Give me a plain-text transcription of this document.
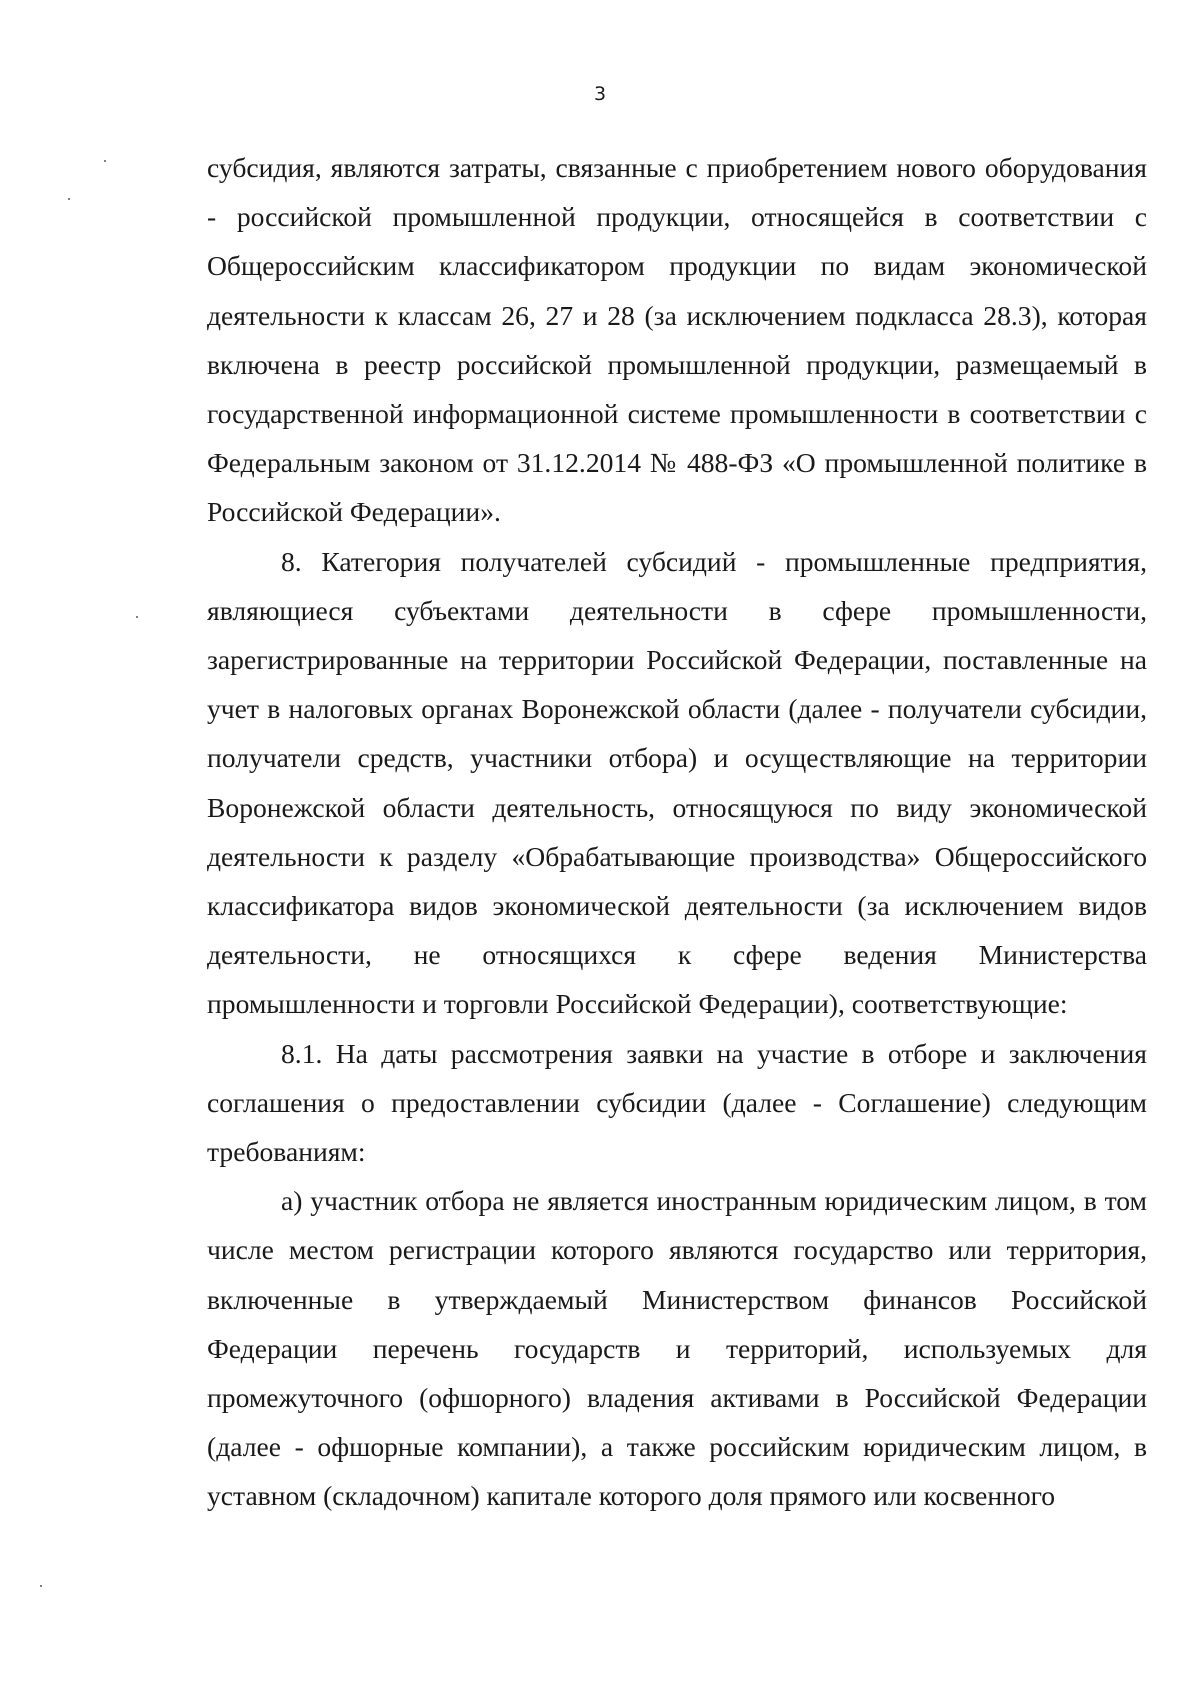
3

субсидия, являются затраты, связанные с приобретением нового оборудования - российской промышленной продукции, относящейся в соответствии с Общероссийским классификатором продукции по видам экономической деятельности к классам 26, 27 и 28 (за исключением подкласса 28.3), которая включена в реестр российской промышленной продукции, размещаемый в государственной информационной системе промышленности в соответствии с Федеральным законом от 31.12.2014 № 488-ФЗ «О промышленной политике в Российской Федерации».

8. Категория получателей субсидий - промышленные предприятия, являющиеся субъектами деятельности в сфере промышленности, зарегистрированные на территории Российской Федерации, поставленные на учет в налоговых органах Воронежской области (далее - получатели субсидии, получатели средств, участники отбора) и осуществляющие на территории Воронежской области деятельность, относящуюся по виду экономической деятельности к разделу «Обрабатывающие производства» Общероссийского классификатора видов экономической деятельности (за исключением видов деятельности, не относящихся к сфере ведения Министерства промышленности и торговли Российской Федерации), соответствующие:

8.1. На даты рассмотрения заявки на участие в отборе и заключения соглашения о предоставлении субсидии (далее - Соглашение) следующим требованиям:

а) участник отбора не является иностранным юридическим лицом, в том числе местом регистрации которого являются государство или территория, включенные в утверждаемый Министерством финансов Российской Федерации перечень государств и территорий, используемых для промежуточного (офшорного) владения активами в Российской Федерации (далее - офшорные компании), а также российским юридическим лицом, в уставном (складочном) капитале которого доля прямого или косвенного
